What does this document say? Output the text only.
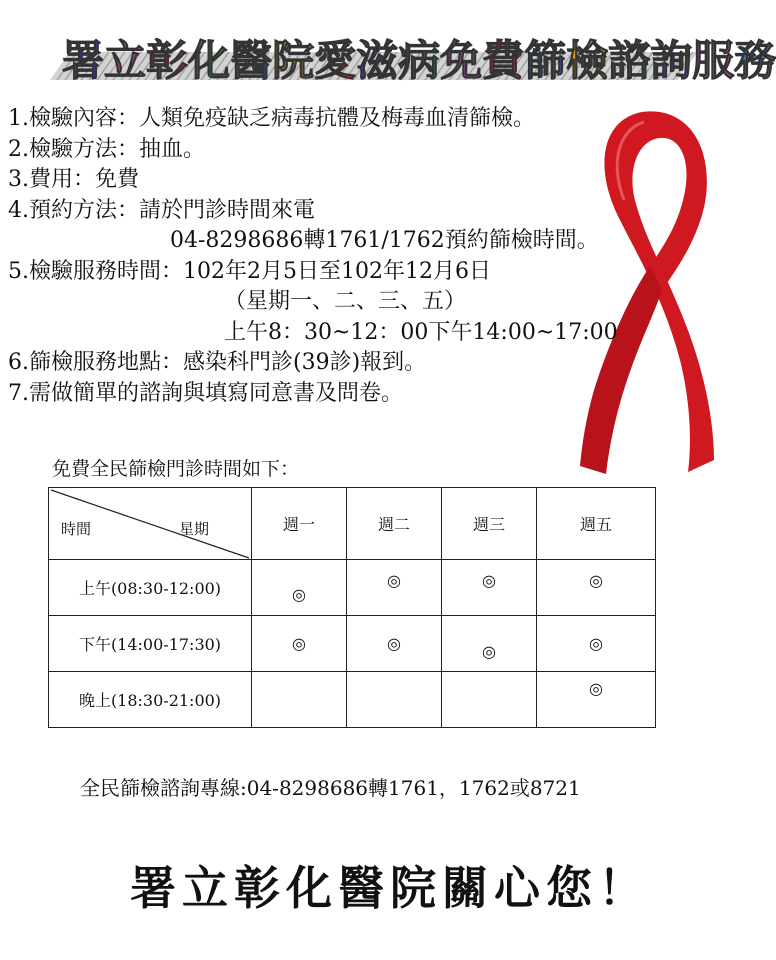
署立彰化醫院愛滋病免費篩檢諮詢服務
1.檢驗內容：人類免疫缺乏病毒抗體及梅毒血清篩檢。
2.檢驗方法：抽血。
3.費用：免費
4.預約方法：請於門診時間來電
04-8298686轉1761/1762預約篩檢時間。
5.檢驗服務時間：102年2月5日至102年12月6日
（星期一、二、三、五）
上午8：30~12：00下午14:00~17:00
6.篩檢服務地點：感染科門診(39診)報到。
7.需做簡單的諮詢與填寫同意書及問卷。
免費全民篩檢門診時間如下：
時間 星期	週一	週二	週三	週五
上午(08:30-12:00)	◎	◎	◎	◎
下午(14:00-17:30)	◎	◎	◎	◎
晚上(18:30-21:00)				◎
全民篩檢諮詢專線:04-8298686轉1761，1762或8721
署立彰化醫院關心您！
